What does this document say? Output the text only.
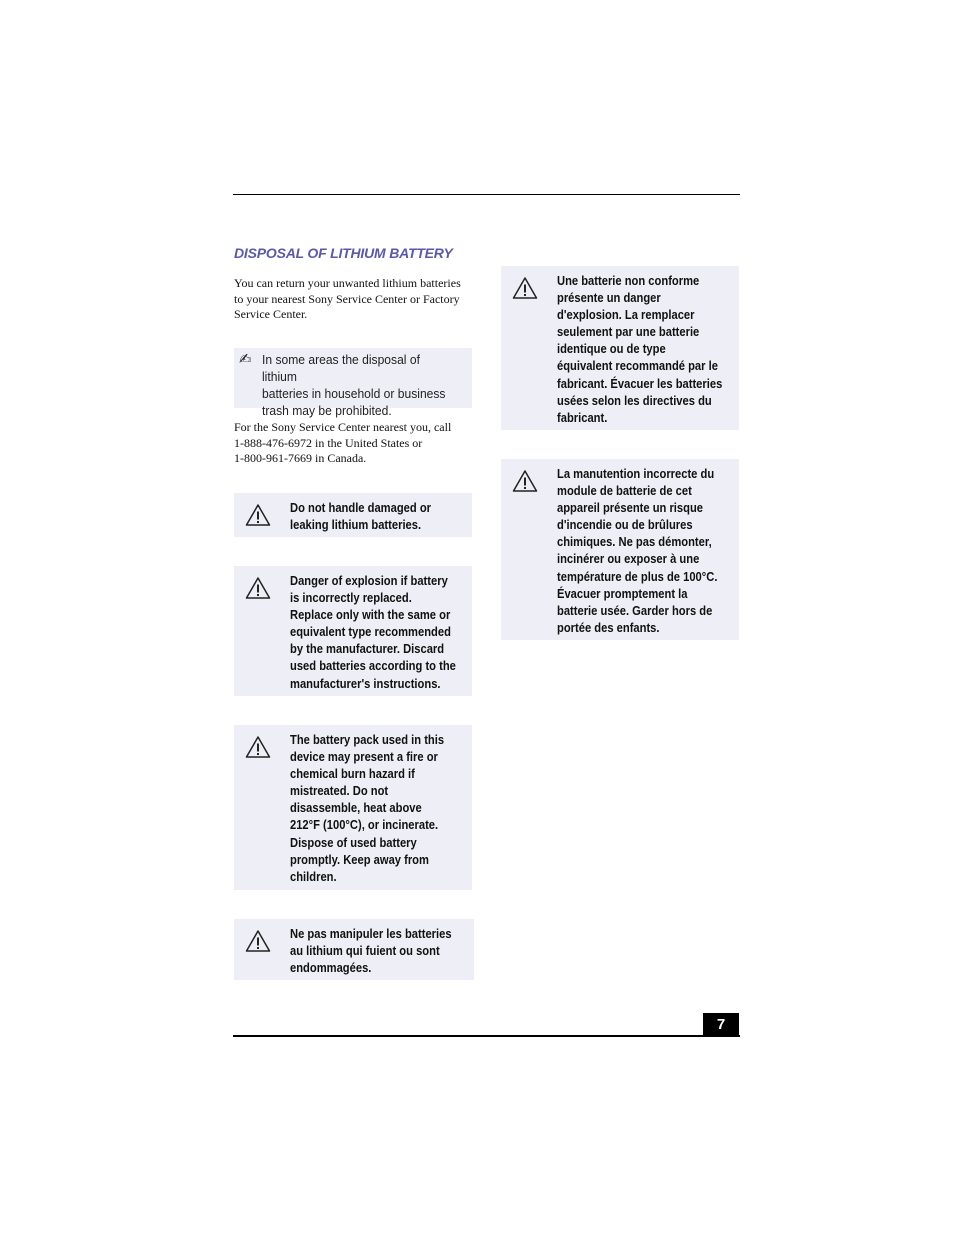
DISPOSAL OF LITHIUM BATTERY

You can return your unwanted lithium batteries
to your nearest Sony Service Center or Factory
Service Center.

✍ In some areas the disposal of lithium
batteries in household or business
trash may be prohibited.

For the Sony Service Center nearest you, call
1-888-476-6972 in the United States or
1-800-961-7669 in Canada.

Do not handle damaged or
leaking lithium batteries.
Danger of explosion if battery
is incorrectly replaced.
Replace only with the same or
equivalent type recommended
by the manufacturer. Discard
used batteries according to the
manufacturer's instructions.
The battery pack used in this
device may present a fire or
chemical burn hazard if
mistreated. Do not
disassemble, heat above
212°F (100°C), or incinerate.
Dispose of used battery
promptly. Keep away from
children.
Ne pas manipuler les batteries
au lithium qui fuient ou sont
endommagées.
Une batterie non conforme
présente un danger
d'explosion. La remplacer
seulement par une batterie
identique ou de type
équivalent recommandé par le
fabricant. Évacuer les batteries
usées selon les directives du
fabricant.
La manutention incorrecte du
module de batterie de cet
appareil présente un risque
d'incendie ou de brûlures
chimiques. Ne pas démonter,
incinérer ou exposer à une
température de plus de 100°C.
Évacuer promptement la
batterie usée. Garder hors de
portée des enfants.
7
